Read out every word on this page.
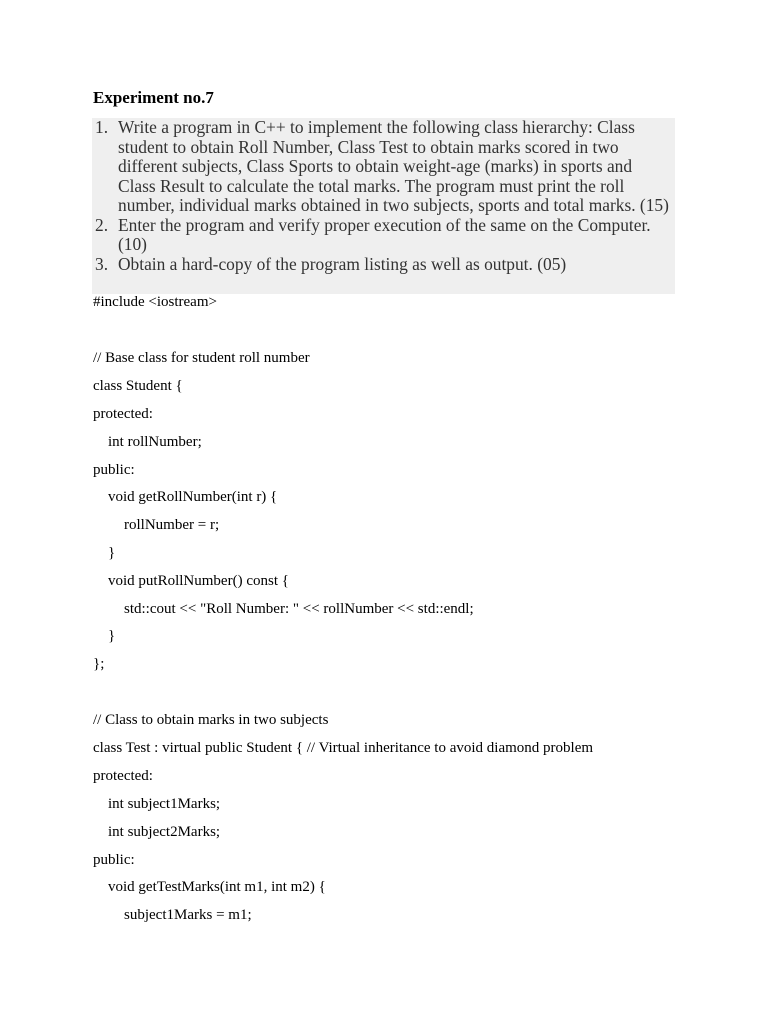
Experiment no.7
1. Write a program in C++ to implement the following class hierarchy: Class student to obtain Roll Number, Class Test to obtain marks scored in two different subjects, Class Sports to obtain weight-age (marks) in sports and Class Result to calculate the total marks. The program must print the roll number, individual marks obtained in two subjects, sports and total marks. (15)
2. Enter the program and verify proper execution of the same on the Computer. (10)
3. Obtain a hard-copy of the program listing as well as output. (05)
#include <iostream>
// Base class for student roll number
class Student {
protected:
int rollNumber;
public:
void getRollNumber(int r) {
rollNumber = r;
}
void putRollNumber() const {
std::cout << "Roll Number: " << rollNumber << std::endl;
}
};
// Class to obtain marks in two subjects
class Test : virtual public Student { // Virtual inheritance to avoid diamond problem
protected:
int subject1Marks;
int subject2Marks;
public:
void getTestMarks(int m1, int m2) {
subject1Marks = m1;
